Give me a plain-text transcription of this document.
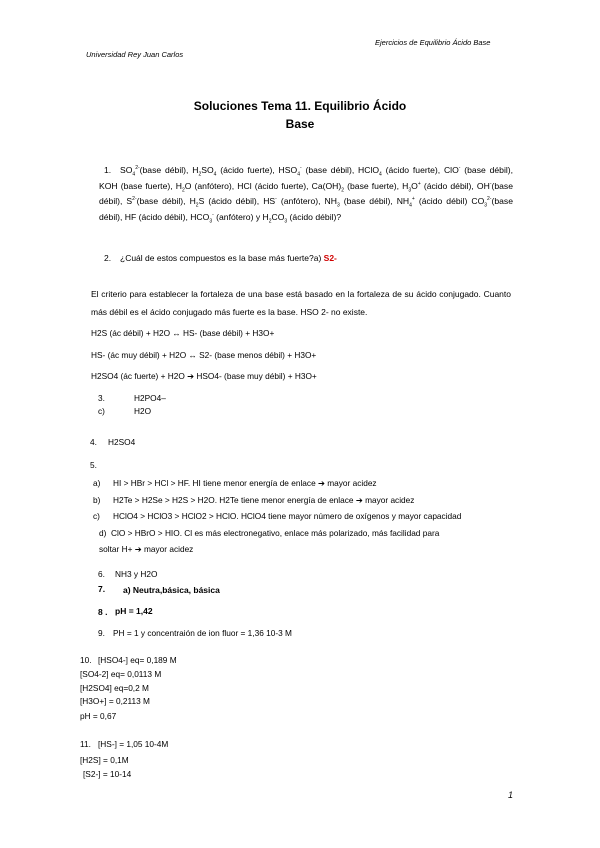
Ejercicios de Equilibrio Ácido Base
Universidad Rey Juan Carlos
Soluciones Tema 11. Equilibrio Ácido
Base
1.	$SO_4^{2-}(base$ débil), $H_2SO_4$ (ácido fuerte), $HSO_4^-$ (base débil), HClO$_4$ (ácido fuerte), ClO- (base débil), KOH (base fuerte), $H_2O$ (anfótero), HCl (ácido fuerte), $Ca(OH)_2$ (base fuerte), $H_3O^+$ (ácido débil), OH-(base débil), $S^{2-}(base$ débil), $H_2S$ (ácido débil), HS- (anfótero), $NH_3$ (base débil), $NH_4^+$ (ácido débil) $CO_3^{2-}(base$ débil), HF (ácido débil), $HCO_3^-$ (anfótero) y $H_2CO_3$ (ácido débil)?
2. ¿Cuál de estos compuestos es la base más fuerte?a) S2-
El criterio para establecer la fortaleza de una base está basado en la fortaleza de su ácido conjugado. Cuanto más débil es el ácido conjugado más fuerte es la base. HSO 2- no existe.
H2S (ác débil) + H2O ↔ HS- (base débil) + H3O+
HS- (ác muy débil) + H2O ↔ S2- (base menos débil) + H3O+
H2SO4 (ác fuerte) + H2O ➔ HSO4- (base muy débil) + H3O+
3.	H2PO4–
c)	H2O
4. H2SO4
5.
a) HI > HBr > HCl > HF. HI tiene menor energía de enlace ➔ mayor acidez
b) H2Te > H2Se > H2S > H2O. H2Te tiene menor energía de enlace ➔ mayor acidez
c) HClO4 > HClO3 > HClO2 > HClO. HClO4 tiene mayor número de oxígenos y mayor capacidad
d) ClO > HBrO > HIO. Cl es más electronegativo, enlace más polarizado, más facilidad para
soltar H+ ➔ mayor acidez
6. NH3 y H2O
7. a) Neutra,básica, básica
8 . pH = 1,42
9. PH = 1 y concentraión de ion fluor = 1,36 10-3 M
10. [HSO4-] eq= 0,189 M
[SO4-2] eq= 0,0113 M
[H2SO4] eq=0,2 M
[H3O+] = 0,2113 M
pH = 0,67
11. [HS-] = 1,05 10-4M
[H2S] = 0,1M
[S2-] = 10-14
1
